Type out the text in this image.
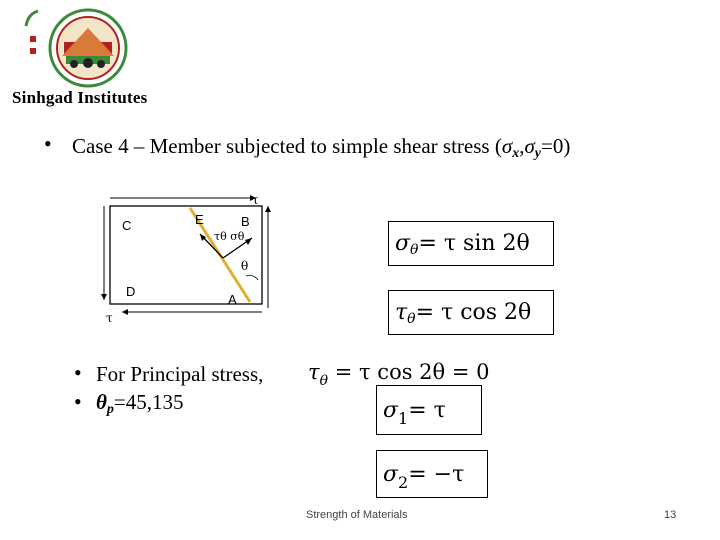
Sinhgad Institutes
• Case 4 – Member subjected to simple shear stress (σx,σy=0)
τ
τ
C
D
E	B
A
τθ σθ
θ
σ θ = τ sin 2θ
τ θ = τ cos 2θ
σ 1 = τ
σ 2 = −τ
• For Principal stress, $\tau_\theta = \tau$ cos 2θ = 0
• θp=45,135
Strength of Materials	13
